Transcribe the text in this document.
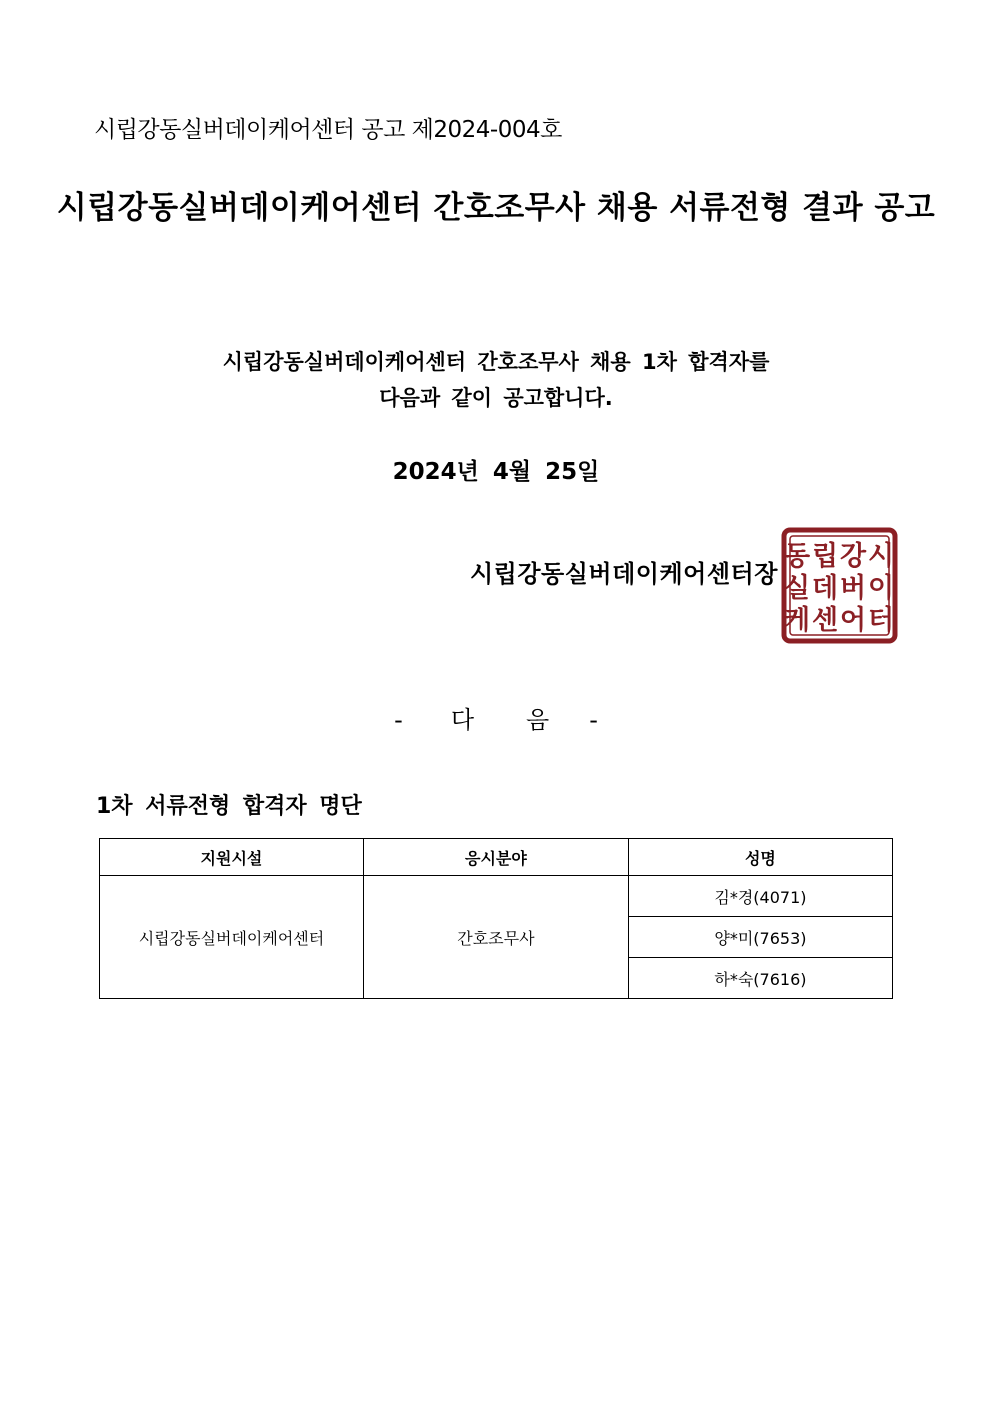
시립강동실버데이케어센터 공고 제2024-004호
시립강동실버데이케어센터 간호조무사 채용 서류전형 결과 공고
시립강동실버데이케어센터 간호조무사 채용 1차 합격자를
다음과 같이 공고합니다.
2024년 4월 25일
시립강동실버데이케어센터장
동 립 강 시
실 데 버 이
케 센 어 터
- 다 음 -
1차 서류전형 합격자 명단
지원시설	응시분야	성명
시립강동실버데이케어센터	간호조무사	김*경(4071)
		양*미(7653)
		하*숙(7616)
